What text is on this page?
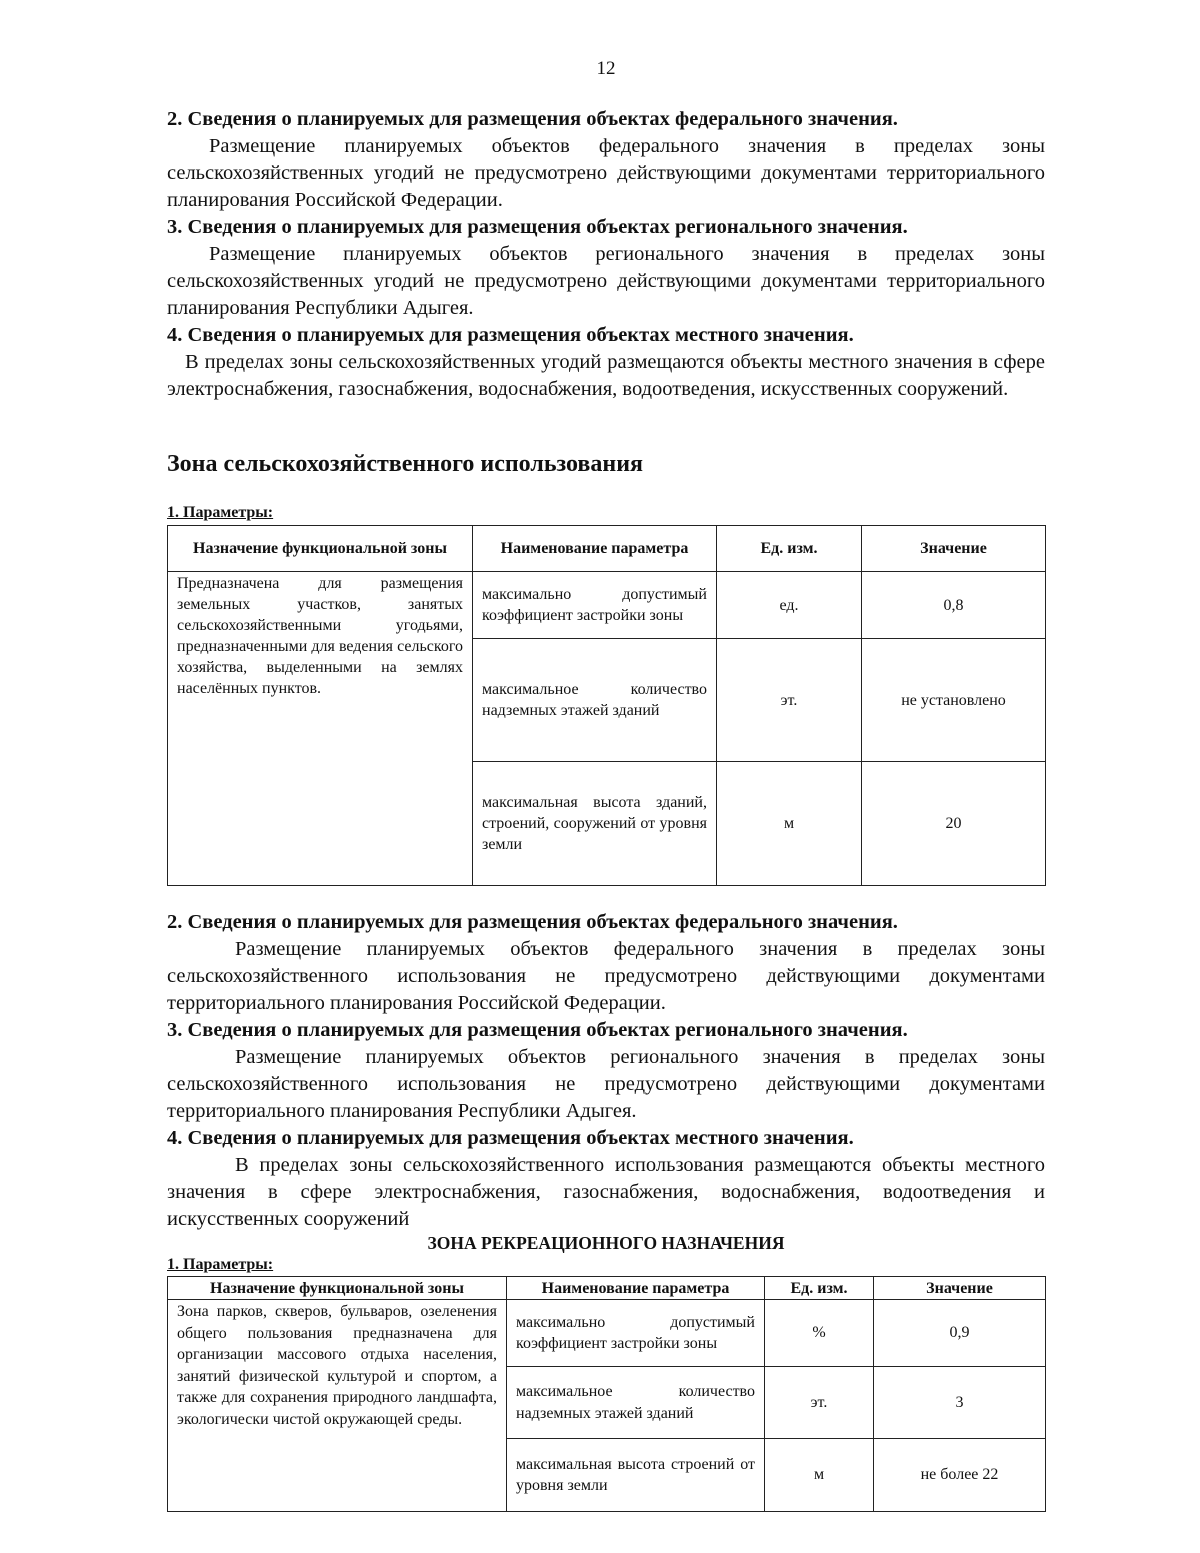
12
2. Сведения о планируемых для размещения объектах федерального значения.
Размещение планируемых объектов федерального значения в пределах зоны сельскохозяйственных угодий не предусмотрено действующими документами территориального планирования Российской Федерации.
3. Сведения о планируемых для размещения объектах регионального значения.
Размещение планируемых объектов регионального значения в пределах зоны сельскохозяйственных угодий не предусмотрено действующими документами территориального планирования Республики Адыгея.
4. Сведения о планируемых для размещения объектах местного значения.
В пределах зоны сельскохозяйственных угодий размещаются объекты местного значения в сфере электроснабжения, газоснабжения, водоснабжения, водоотведения, искусственных сооружений.
Зона сельскохозяйственного использования
1. Параметры:
Назначение функциональной зоны	Наименование параметра	Ед. изм.	Значение
Предназначена для размещения земельных участков, занятых сельскохозяйственными угодьями, предназначенными для ведения сельского хозяйства, выделенными на землях населённых пунктов.	максимально допустимый коэффициент застройки зоны	ед.	0,8
	максимальное количество надземных этажей зданий	эт.	не установлено
	максимальная высота зданий, строений, сооружений от уровня земли	м	20
2. Сведения о планируемых для размещения объектах федерального значения.
Размещение планируемых объектов федерального значения в пределах зоны сельскохозяйственного использования не предусмотрено действующими документами территориального планирования Российской Федерации.
3. Сведения о планируемых для размещения объектах регионального значения.
Размещение планируемых объектов регионального значения в пределах зоны сельскохозяйственного использования не предусмотрено действующими документами территориального планирования Республики Адыгея.
4. Сведения о планируемых для размещения объектах местного значения.
В пределах зоны сельскохозяйственного использования размещаются объекты местного значения в сфере электроснабжения, газоснабжения, водоснабжения, водоотведения и искусственных сооружений
ЗОНА РЕКРЕАЦИОННОГО НАЗНАЧЕНИЯ
1. Параметры:
Назначение функциональной зоны	Наименование параметра	Ед. изм.	Значение
Зона парков, скверов, бульваров, озеленения общего пользования предназначена для организации массового отдыха населения, занятий физической культурой и спортом, а также для сохранения природного ландшафта, экологически чистой окружающей среды.	максимально допустимый коэффициент застройки зоны	%	0,9
	максимальное количество надземных этажей зданий	эт.	3
	максимальная высота строений от уровня земли	м	не более 22
